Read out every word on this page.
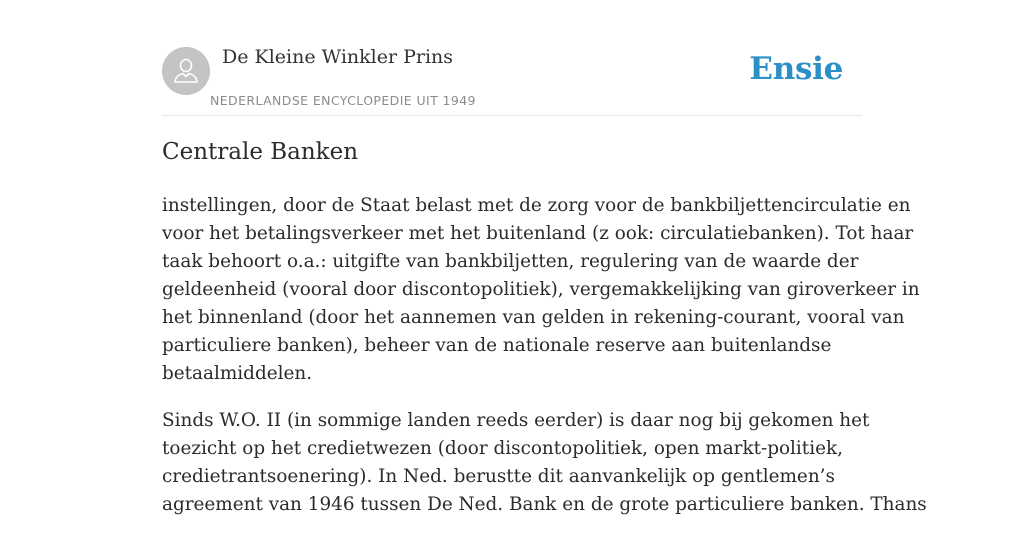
De Kleine Winkler Prins
NEDERLANDSE ENCYCLOPEDIE UIT 1949
Ensie
Centrale Banken

instellingen, door de Staat belast met de zorg voor de bankbiljettencirculatie en
voor het betalingsverkeer met het buitenland (z ook: circulatiebanken). Tot haar
taak behoort o.a.: uitgifte van bankbiljetten, regulering van de waarde der
geldeenheid (vooral door discontopolitiek), vergemakkelijking van giroverkeer in
het binnenland (door het aannemen van gelden in rekening-courant, vooral van
particuliere banken), beheer van de nationale reserve aan buitenlandse
betaalmiddelen.

Sinds W.O. II (in sommige landen reeds eerder) is daar nog bij gekomen het
toezicht op het credietwezen (door discontopolitiek, open markt-politiek,
credietrantsoenering). In Ned. berustte dit aanvankelijk op gentlemen’s
agreement van 1946 tussen De Ned. Bank en de grote particuliere banken. Thans
